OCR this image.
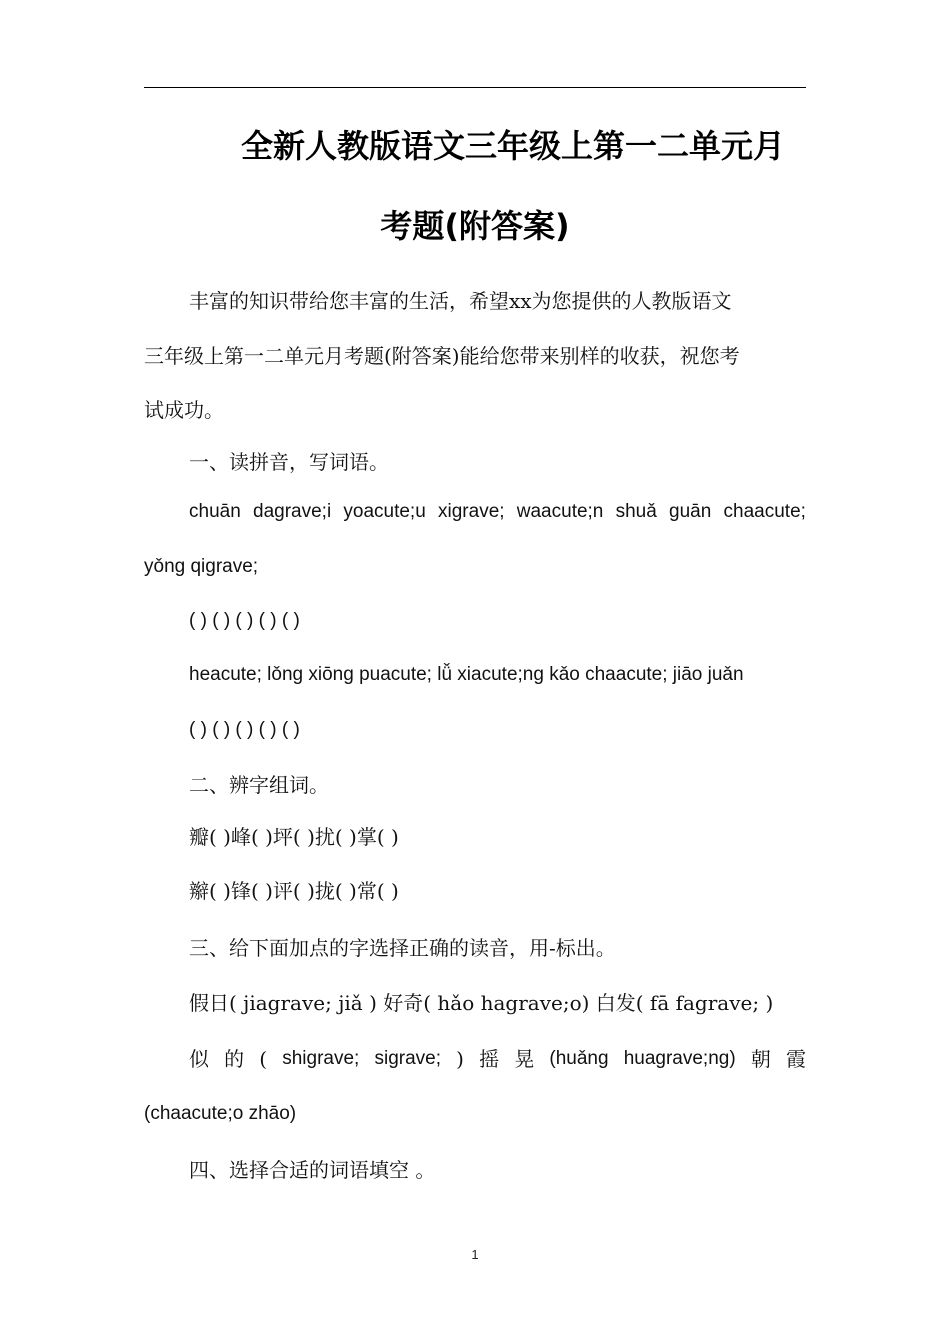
全新人教版语文三年级上第一二单元月
考题(附答案)
丰富的知识带给您丰富的生活，希望xx为您提供的人教版语文
三年级上第一二单元月考题(附答案)能给您带来别样的收获，祝您考
试成功。
一、读拼音，写词语。
chuān dagrave;i yoacute;u xigrave; waacute;n shuǎ guān chaacute;
yǒng qigrave;
( ) ( ) ( ) ( ) ( )
heacute; lǒng xiōng puacute; lǚ xiacute;ng kǎo chaacute; jiāo juǎn
( ) ( ) ( ) ( ) ( )
二、辨字组词。
瓣( )峰( )坪( )扰( )掌( )
辮( )锋( )评( )拢( )常( )
三、给下面加点的字选择正确的读音，用-标出。
假日( jiagrave; jiǎ ) 好奇( hǎo hagrave;o) 白发( fā fagrave; )
似 的 ( shigrave; sigrave; ) 摇 晃 (huǎng huagrave;ng) 朝 霞
(chaacute;o zhāo)
四、选择合适的词语填空 。
1
